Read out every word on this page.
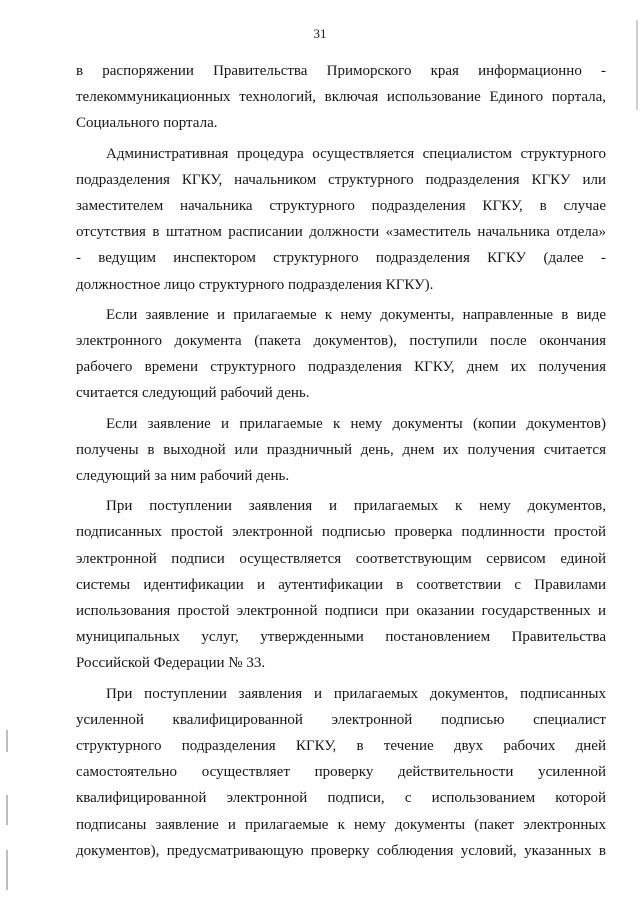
31

в распоряжении Правительства Приморского края информационно -
телекоммуникационных технологий, включая использование Единого портала,
Социального портала.

Административная процедура осуществляется специалистом структурного
подразделения КГКУ, начальником структурного подразделения КГКУ или
заместителем начальника структурного подразделения КГКУ, в случае
отсутствия в штатном расписании должности «заместитель начальника отдела»
- ведущим инспектором структурного подразделения КГКУ (далее -
должностное лицо структурного подразделения КГКУ).

Если заявление и прилагаемые к нему документы, направленные в виде
электронного документа (пакета документов), поступили после окончания
рабочего времени структурного подразделения КГКУ, днем их получения
считается следующий рабочий день.

Если заявление и прилагаемые к нему документы (копии документов)
получены в выходной или праздничный день, днем их получения считается
следующий за ним рабочий день.

При поступлении заявления и прилагаемых к нему документов,
подписанных простой электронной подписью проверка подлинности простой
электронной подписи осуществляется соответствующим сервисом единой
системы идентификации и аутентификации в соответствии с Правилами
использования простой электронной подписи при оказании государственных и
муниципальных услуг, утвержденными постановлением Правительства
Российской Федерации № 33.

При поступлении заявления и прилагаемых документов, подписанных
усиленной квалифицированной электронной подписью специалист
структурного подразделения КГКУ, в течение двух рабочих дней
самостоятельно осуществляет проверку действительности усиленной
квалифицированной электронной подписи, с использованием которой
подписаны заявление и прилагаемые к нему документы (пакет электронных
документов), предусматривающую проверку соблюдения условий, указанных в
